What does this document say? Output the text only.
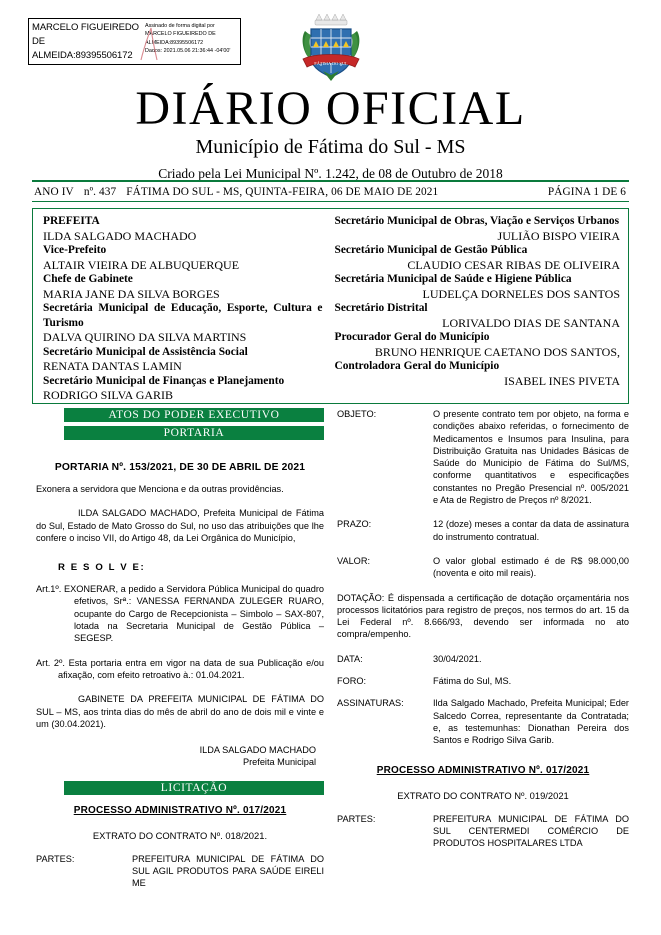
MARCELO FIGUEIREDO
DE
ALMEIDA:89395506172
Assinado de forma digital por
MARCELO FIGUEIREDO DE
ALMEIDA:89395506172
Dados: 2021.05.06 21:36:44 -04'00'
FÁTIMA DO SUL
DIÁRIO OFICIAL
Município de Fátima do Sul - MS
Criado pela Lei Municipal Nº. 1.242, de 08 de Outubro de 2018
ANO IV nº. 437 FÁTIMA DO SUL - MS, QUINTA-FEIRA, 06 DE MAIO DE 2021	PÁGINA 1 DE 6
PREFEITA
ILDA SALGADO MACHADO
Vice-Prefeito
ALTAIR VIEIRA DE ALBUQUERQUE
Chefe de Gabinete
MARIA JANE DA SILVA BORGES
Secretária Municipal de Educação, Esporte, Cultura e Turismo
DALVA QUIRINO DA SILVA MARTINS
Secretário Municipal de Assistência Social
RENATA DANTAS LAMIN
Secretário Municipal de Finanças e Planejamento
RODRIGO SILVA GARIB
Secretário Municipal de Obras, Viação e Serviços Urbanos
JULIÃO BISPO VIEIRA
Secretário Municipal de Gestão Pública
CLAUDIO CESAR RIBAS DE OLIVEIRA
Secretária Municipal de Saúde e Higiene Pública
LUDELÇA DORNELES DOS SANTOS
Secretário Distrital
LORIVALDO DIAS DE SANTANA
Procurador Geral do Município
BRUNO HENRIQUE CAETANO DOS SANTOS,
Controladora Geral do Município
ISABEL INES PIVETA
ATOS DO PODER EXECUTIVO
PORTARIA
PORTARIA Nº. 153/2021, DE 30 DE ABRIL DE 2021
Exonera a servidora que Menciona e da outras providências.
ILDA SALGADO MACHADO, Prefeita Municipal de Fátima do Sul, Estado de Mato Grosso do Sul, no uso das atribuições que lhe confere o inciso VII, do Artigo 48, da Lei Orgânica do Município,
R E S O L V E:
Art.1º. EXONERAR, a pedido a Servidora Pública Municipal do quadro efetivos, Srª.: VANESSA FERNANDA ZULEGER RUARO, ocupante do Cargo de Recepcionista – Simbolo – SAX-807, lotada na Secretaria Municipal de Gestão Pública – SEGESP.
Art. 2º. Esta portaria entra em vigor na data de sua Publicação e/ou afixação, com efeito retroativo à.: 01.04.2021.
GABINETE DA PREFEITA MUNICIPAL DE FÁTIMA DO SUL – MS, aos trinta dias do mês de abril do ano de dois mil e vinte e um (30.04.2021).
ILDA SALGADO MACHADO
Prefeita Municipal
LICITAÇÃO
PROCESSO ADMINISTRATIVO Nº. 017/2021
EXTRATO DO CONTRATO Nº. 018/2021.
PARTES:	PREFEITURA MUNICIPAL DE FÁTIMA DO SUL AGIL PRODUTOS PARA SAÚDE EIRELI ME
OBJETO:	O presente contrato tem por objeto, na forma e condições abaixo referidas, o fornecimento de Medicamentos e Insumos para Insulina, para Distribuição Gratuita nas Unidades Básicas de Saúde do Municipio de Fátima do Sul/MS, conforme quantitativos e especificações constantes no Pregão Presencial nº. 005/2021 e Ata de Registro de Preços nº 8/2021.
PRAZO:	12 (doze) meses a contar da data de assinatura do instrumento contratual.
VALOR:	O valor global estimado é de R$ 98.000,00 (noventa e oito mil reais).
DOTAÇÃO: É dispensada a certificação de dotação orçamentária nos processos licitatórios para registro de preços, nos termos do art. 15 da Lei Federal nº. 8.666/93, devendo ser informada no ato compra/empenho.
DATA:	30/04/2021.
FORO:	Fátima do Sul, MS.
ASSINATURAS:	Ilda Salgado Machado, Prefeita Municipal; Eder Salcedo Correa, representante da Contratada; e, as testemunhas: Dionathan Pereira dos Santos e Rodrigo Silva Garib.
PROCESSO ADMINISTRATIVO Nº. 017/2021
EXTRATO DO CONTRATO Nº. 019/2021
PARTES:	PREFEITURA MUNICIPAL DE FÁTIMA DO SUL CENTERMEDI COMÉRCIO DE PRODUTOS HOSPITALARES LTDA
